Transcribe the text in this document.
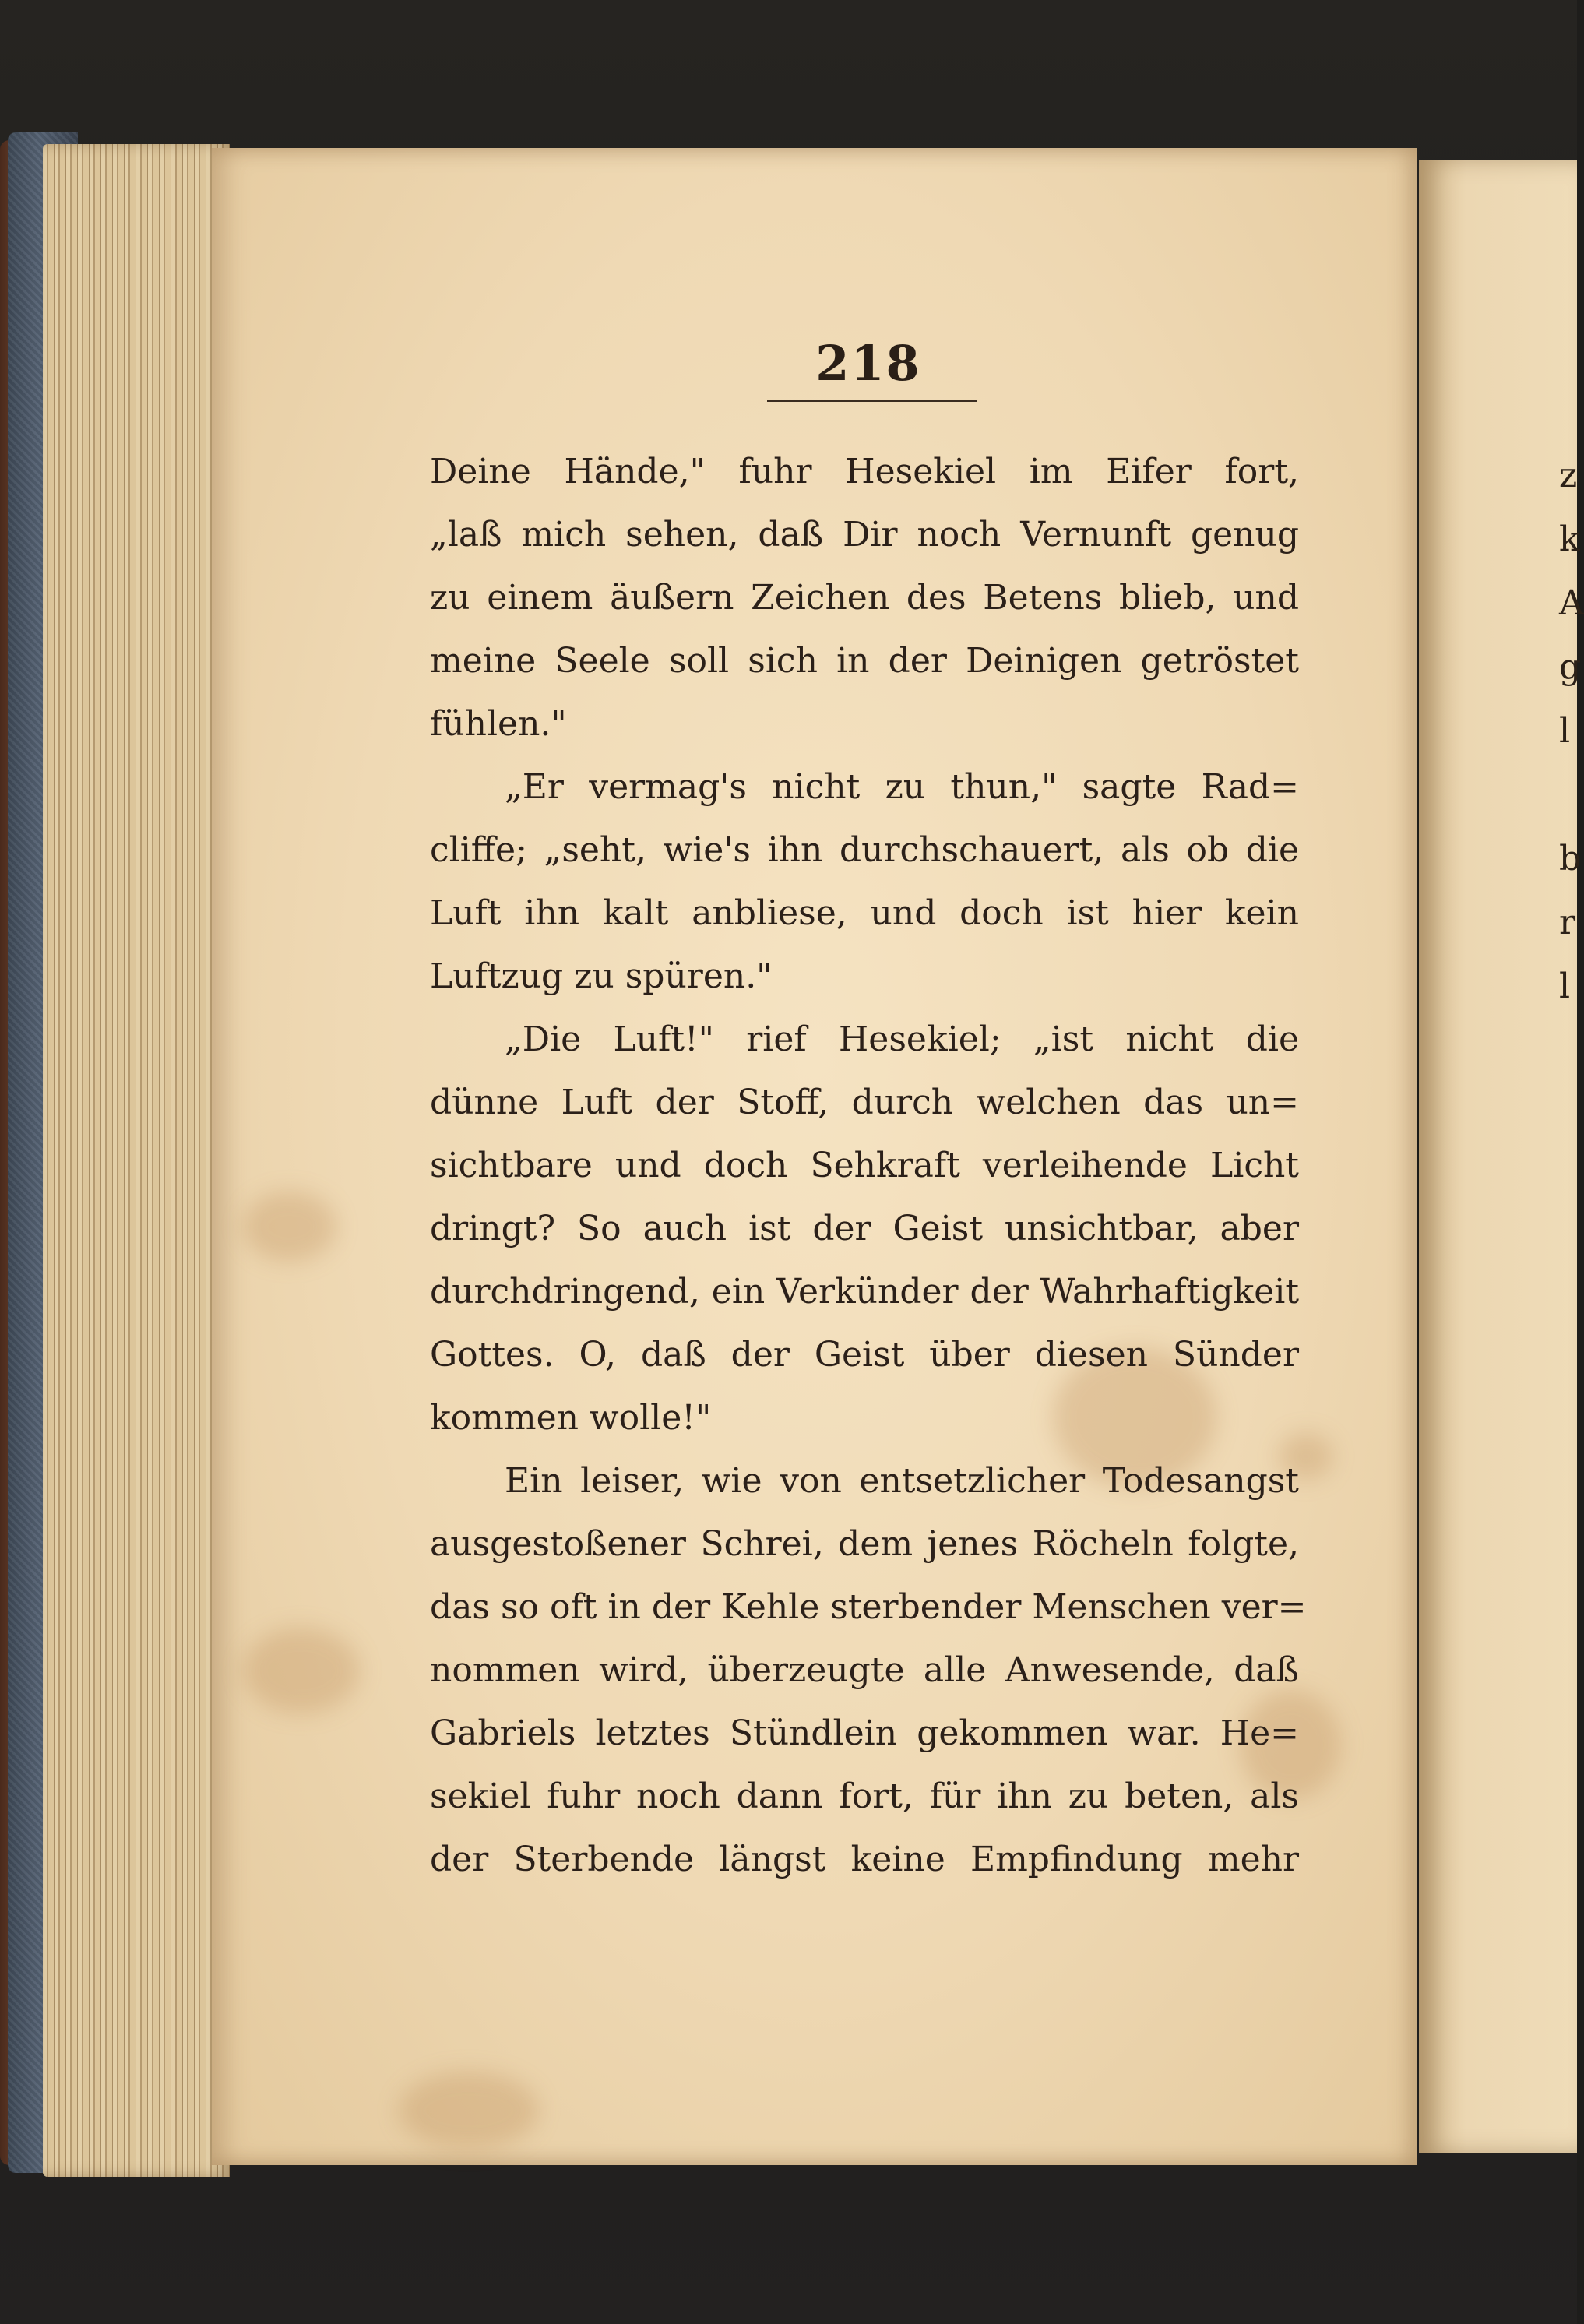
z
k
A
g
l
b
r
l
218
Deine Hände," fuhr Hesekiel im Eifer fort,
„laß mich sehen, daß Dir noch Vernunft genug
zu einem äußern Zeichen des Betens blieb, und
meine Seele soll sich in der Deinigen getröstet
fühlen."
„Er vermag's nicht zu thun," sagte Rad=
cliffe; „seht, wie's ihn durchschauert, als ob die
Luft ihn kalt anbliese, und doch ist hier kein
Luftzug zu spüren."
„Die Luft!" rief Hesekiel; „ist nicht die
dünne Luft der Stoff, durch welchen das un=
sichtbare und doch Sehkraft verleihende Licht
dringt? So auch ist der Geist unsichtbar, aber
durchdringend, ein Verkünder der Wahrhaftigkeit
Gottes. O, daß der Geist über diesen Sünder
kommen wolle!"
Ein leiser, wie von entsetzlicher Todesangst
ausgestoßener Schrei, dem jenes Röcheln folgte,
das so oft in der Kehle sterbender Menschen ver=
nommen wird, überzeugte alle Anwesende, daß
Gabriels letztes Stündlein gekommen war. He=
sekiel fuhr noch dann fort, für ihn zu beten, als
der Sterbende längst keine Empfindung mehr
